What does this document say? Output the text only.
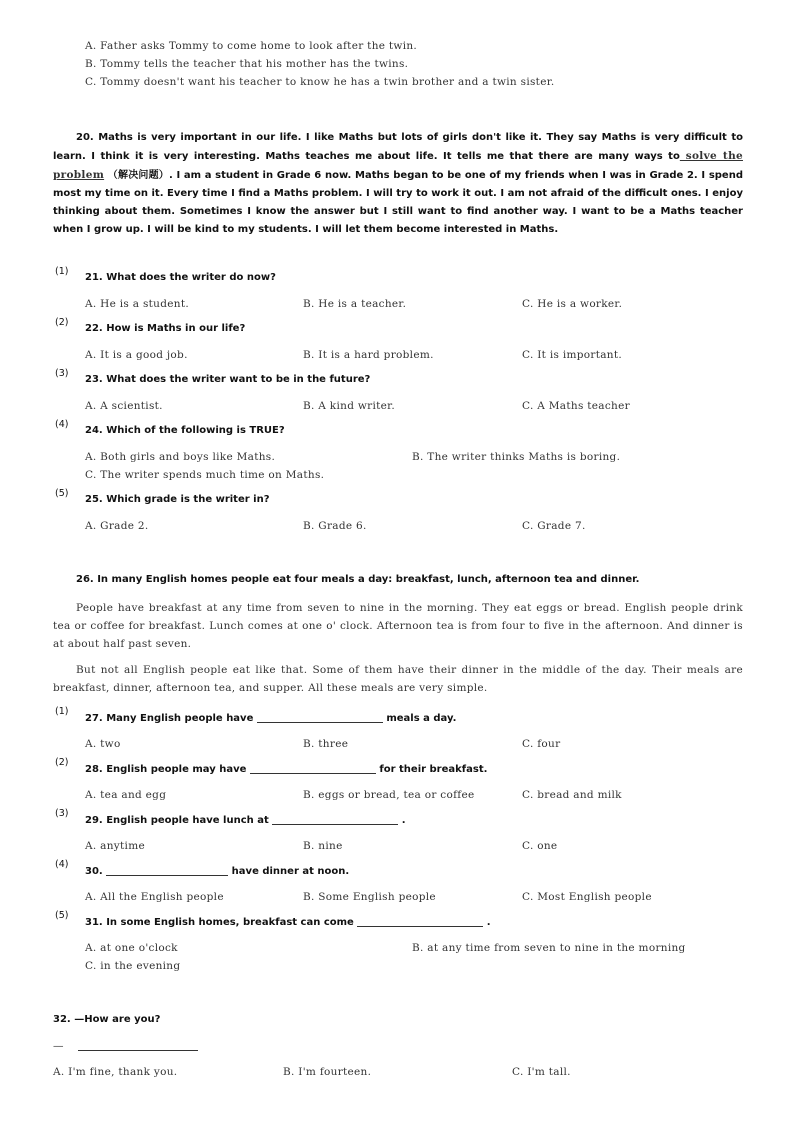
A. Father asks Tommy to come home to look after the twin.
B. Tommy tells the teacher that his mother has the twins.
C. Tommy doesn't want his teacher to know he has a twin brother and a twin sister.
20. Maths is very important in our life. I like Maths but lots of girls don't like it. They say Maths is very difficult to learn. I think it is very interesting. Maths teaches me about life. It tells me that there are many ways to solve the problem （解决问题）. I am a student in Grade 6 now. Maths began to be one of my friends when I was in Grade 2. I spend most my time on it. Every time I find a Maths problem. I will try to work it out. I am not afraid of the difficult ones. I enjoy thinking about them. Sometimes I know the answer but I still want to find another way. I want to be a Maths teacher when I grow up. I will be kind to my students. I will let them become interested in Maths.
(1)
21. What does the writer do now?
A. He is a student.	B. He is a teacher.	C. He is a worker.
(2)
22. How is Maths in our life?
A. It is a good job.	B. It is a hard problem.	C. It is important.
(3)
23. What does the writer want to be in the future?
A. A scientist.	B. A kind writer.	C. A Maths teacher
(4)
24. Which of the following is TRUE?
A. Both girls and boys like Maths.	B. The writer thinks Maths is boring.
C. The writer spends much time on Maths.
(5)
25. Which grade is the writer in?
A. Grade 2.	B. Grade 6.	C. Grade 7.
26. In many English homes people eat four meals a day: breakfast, lunch, afternoon tea and dinner.
People have breakfast at any time from seven to nine in the morning. They eat eggs or bread. English people drink tea or coffee for breakfast. Lunch comes at one o' clock. Afternoon tea is from four to five in the afternoon. And dinner is at about half past seven.
But not all English people eat like that. Some of them have their dinner in the middle of the day. Their meals are breakfast, dinner, afternoon tea, and supper. All these meals are very simple.
(1)
27. Many English people have	meals a day.
A. two	B. three	C. four
(2)
28. English people may have	for their breakfast.
A. tea and egg	B. eggs or bread, tea or coffee	C. bread and milk
(3)
29. English people have lunch at	.
A. anytime	B. nine	C. one
(4)
30.	have dinner at noon.
A. All the English people	B. Some English people	C. Most English people
(5)
31. In some English homes, breakfast can come	.
A. at one o'clock	B. at any time from seven to nine in the morning
C. in the evening
32. —How are you?
—
A. I'm fine, thank you.	B. I'm fourteen.	C. I'm tall.
